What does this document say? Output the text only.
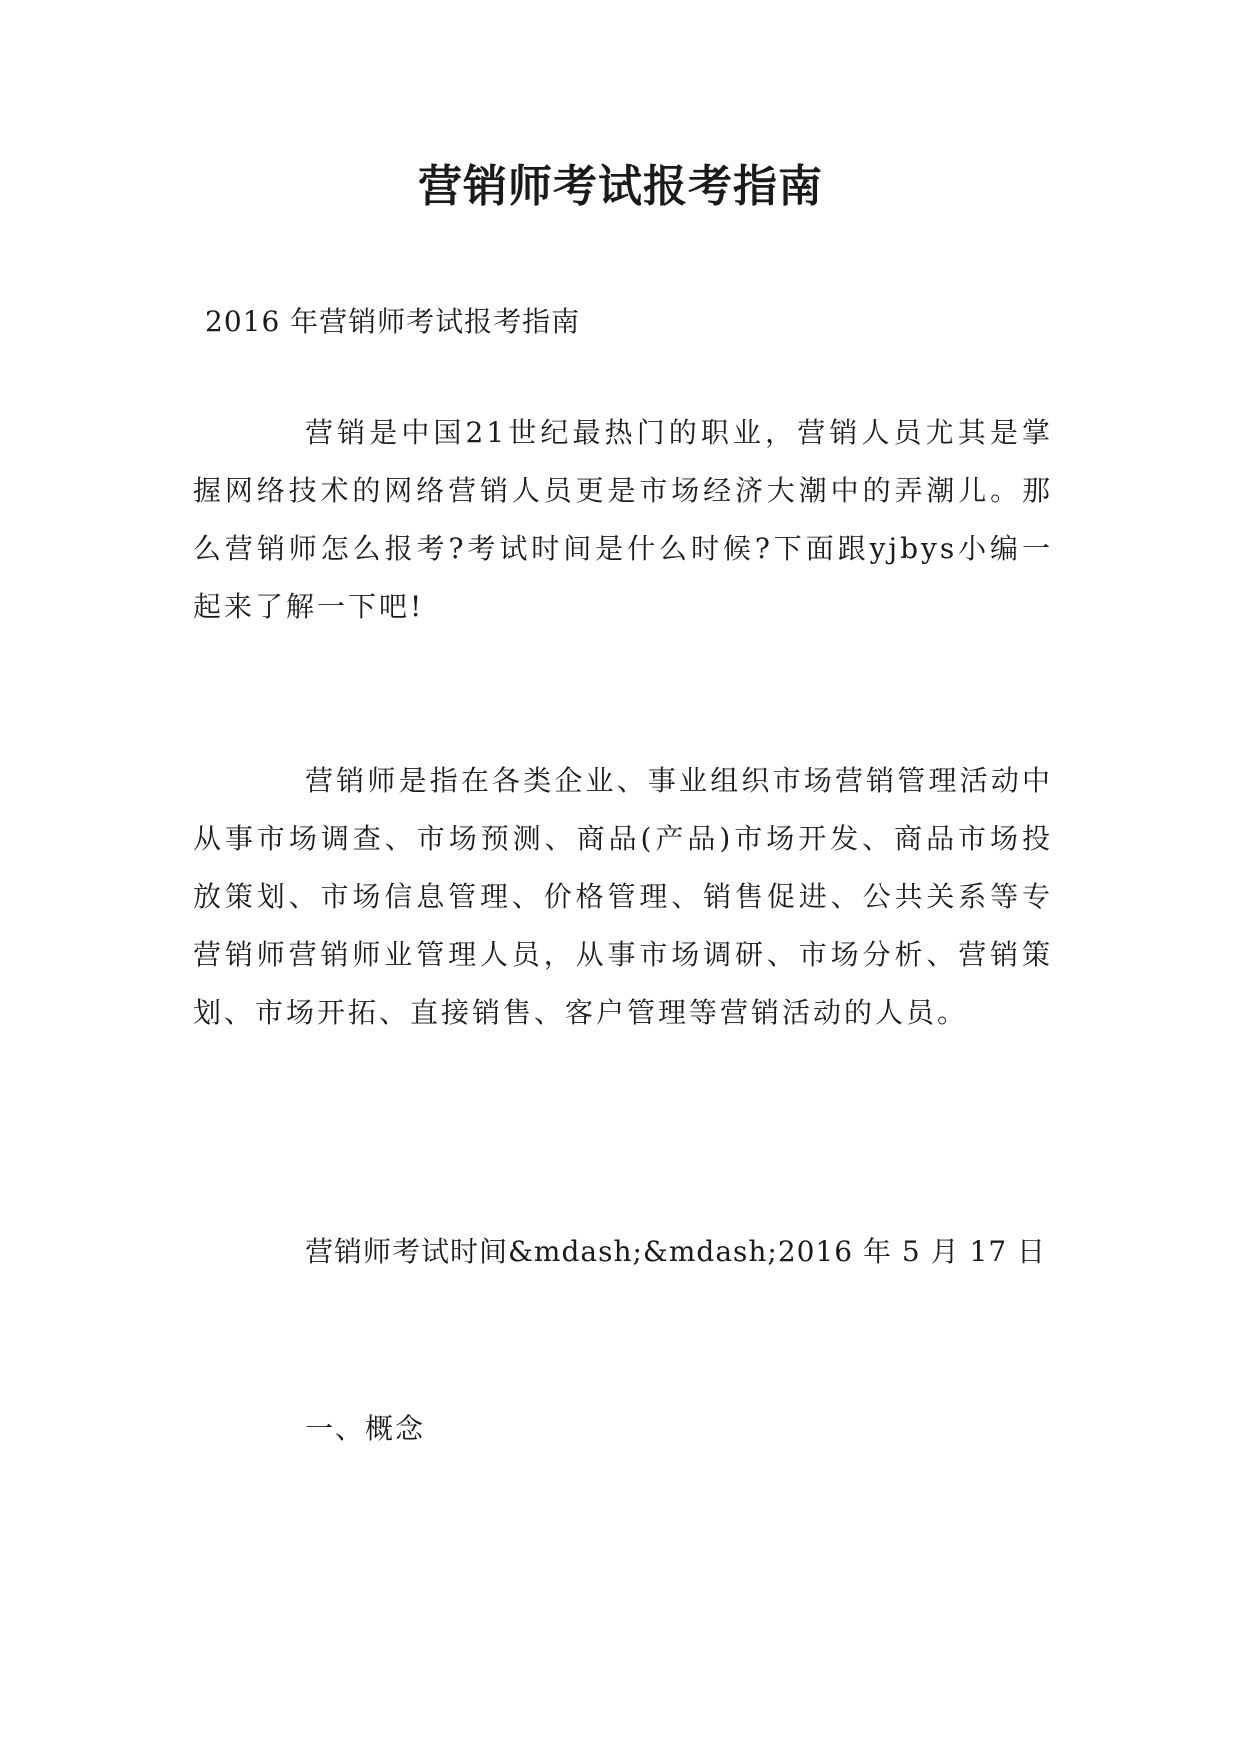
营销师考试报考指南

2016 年营销师考试报考指南

营销是中国21世纪最热门的职业，营销人员尤其是掌握网络技术的网络营销人员更是市场经济大潮中的弄潮儿。那么营销师怎么报考?考试时间是什么时候?下面跟yjbys小编一起来了解一下吧!

营销师是指在各类企业、事业组织市场营销管理活动中从事市场调查、市场预测、商品(产品)市场开发、商品市场投放策划、市场信息管理、价格管理、销售促进、公共关系等专营销师营销师业管理人员，从事市场调研、市场分析、营销策划、市场开拓、直接销售、客户管理等营销活动的人员。

营销师考试时间&mdash;&mdash;2016 年 5 月 17 日

一、概念
